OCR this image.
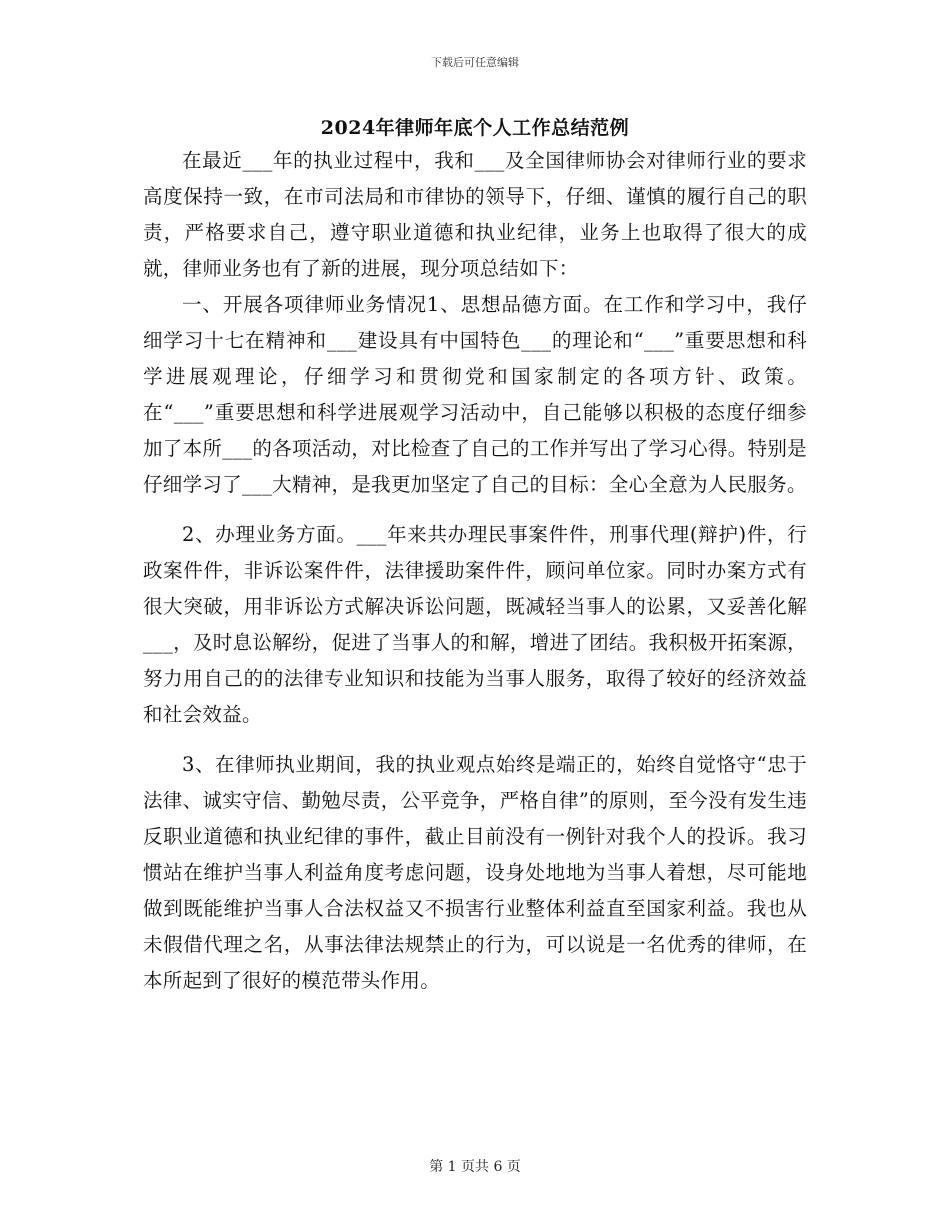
下载后可任意编辑
2024年律师年底个人工作总结范例

在最近___年的执业过程中，我和___及全国律师协会对律师行业的要求高度保持一致，在市司法局和市律协的领导下，仔细、谨慎的履行自己的职责，严格要求自己，遵守职业道德和执业纪律，业务上也取得了很大的成就，律师业务也有了新的进展，现分项总结如下：

一、开展各项律师业务情况1、思想品德方面。在工作和学习中，我仔细学习十七在精神和___建设具有中国特色___的理论和“___”重要思想和科学进展观理论，仔细学习和贯彻党和国家制定的各项方针、政策。在“___”重要思想和科学进展观学习活动中，自己能够以积极的态度仔细参加了本所___的各项活动，对比检查了自己的工作并写出了学习心得。特别是仔细学习了___大精神，是我更加坚定了自己的目标：全心全意为人民服务。

2、办理业务方面。___年来共办理民事案件件，刑事代理(辩护)件，行政案件件，非诉讼案件件，法律援助案件件，顾问单位家。同时办案方式有很大突破，用非诉讼方式解决诉讼问题，既减轻当事人的讼累，又妥善化解___，及时息讼解纷，促进了当事人的和解，增进了团结。我积极开拓案源，努力用自己的的法律专业知识和技能为当事人服务，取得了较好的经济效益和社会效益。

3、在律师执业期间，我的执业观点始终是端正的，始终自觉恪守“忠于法律、诚实守信、勤勉尽责，公平竞争，严格自律”的原则，至今没有发生违反职业道德和执业纪律的事件，截止目前没有一例针对我个人的投诉。我习惯站在维护当事人利益角度考虑问题，设身处地地为当事人着想，尽可能地做到既能维护当事人合法权益又不损害行业整体利益直至国家利益。我也从未假借代理之名，从事法律法规禁止的行为，可以说是一名优秀的律师，在本所起到了很好的模范带头作用。

第 1 页共 6 页
